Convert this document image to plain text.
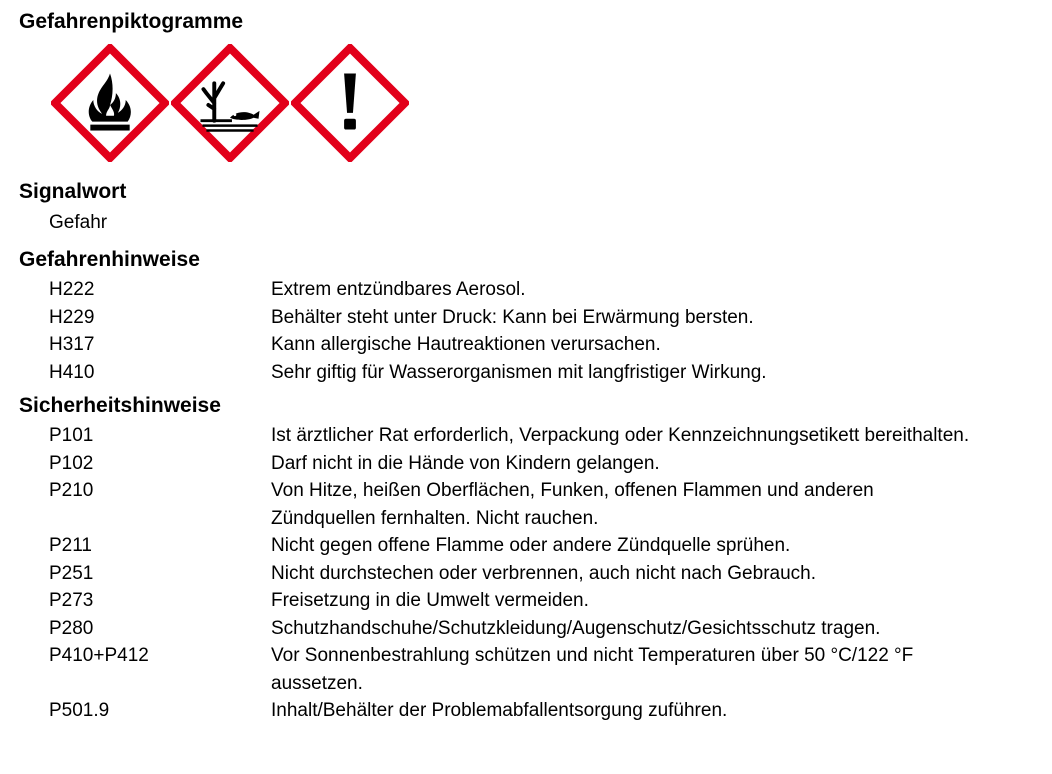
Gefahrenpiktogramme
Signalwort
Gefahr
Gefahrenhinweise
H222	Extrem entzündbares Aerosol.
H229	Behälter steht unter Druck: Kann bei Erwärmung bersten.
H317	Kann allergische Hautreaktionen verursachen.
H410	Sehr giftig für Wasserorganismen mit langfristiger Wirkung.
Sicherheitshinweise
P101	Ist ärztlicher Rat erforderlich, Verpackung oder Kennzeichnungsetikett bereithalten.
P102	Darf nicht in die Hände von Kindern gelangen.
P210	Von Hitze, heißen Oberflächen, Funken, offenen Flammen und anderen Zündquellen fernhalten. Nicht rauchen.
P211	Nicht gegen offene Flamme oder andere Zündquelle sprühen.
P251	Nicht durchstechen oder verbrennen, auch nicht nach Gebrauch.
P273	Freisetzung in die Umwelt vermeiden.
P280	Schutzhandschuhe/Schutzkleidung/Augenschutz/Gesichtsschutz tragen.
P410+P412	Vor Sonnenbestrahlung schützen und nicht Temperaturen über 50 °C/122 °F aussetzen.
P501.9	Inhalt/Behälter der Problemabfallentsorgung zuführen.
